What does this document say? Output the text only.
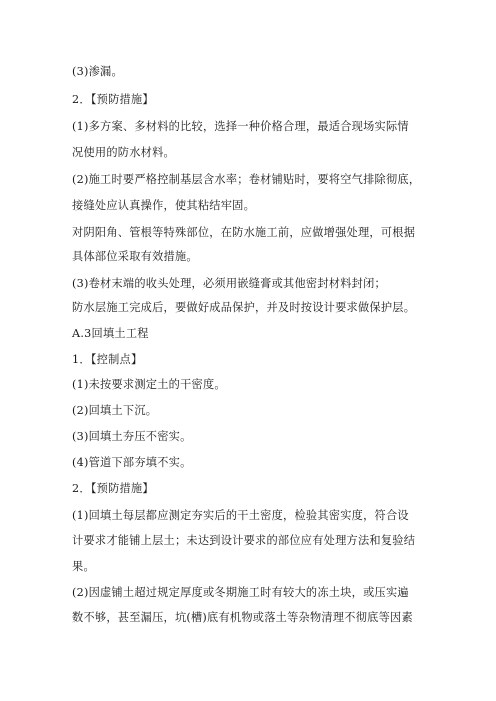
(3)渗漏。
2．【预防措施】
(1)多方案、多材料的比较，选择一种价格合理，最适合现场实际情
况使用的防水材料。
(2)施工时要严格控制基层含水率；卷材铺贴时，要将空气排除彻底，
接缝处应认真操作，使其粘结牢固。
对阴阳角、管根等特殊部位，在防水施工前，应做增强处理，可根据
具体部位采取有效措施。
(3)卷材末端的收头处理，必须用嵌缝膏或其他密封材料封闭；
防水层施工完成后，要做好成品保护，并及时按设计要求做保护层。
A.3回填土工程
1．【控制点】
(1)未按要求测定土的干密度。
(2)回填土下沉。
(3)回填土夯压不密实。
(4)管道下部夯填不实。
2．【预防措施】
(1)回填土每层都应测定夯实后的干土密度，检验其密实度，符合设
计要求才能铺上层土；未达到设计要求的部位应有处理方法和复验结
果。
(2)因虚铺土超过规定厚度或冬期施工时有较大的冻土块，或压实遍
数不够，甚至漏压，坑(槽)底有机物或落土等杂物清理不彻底等因素
